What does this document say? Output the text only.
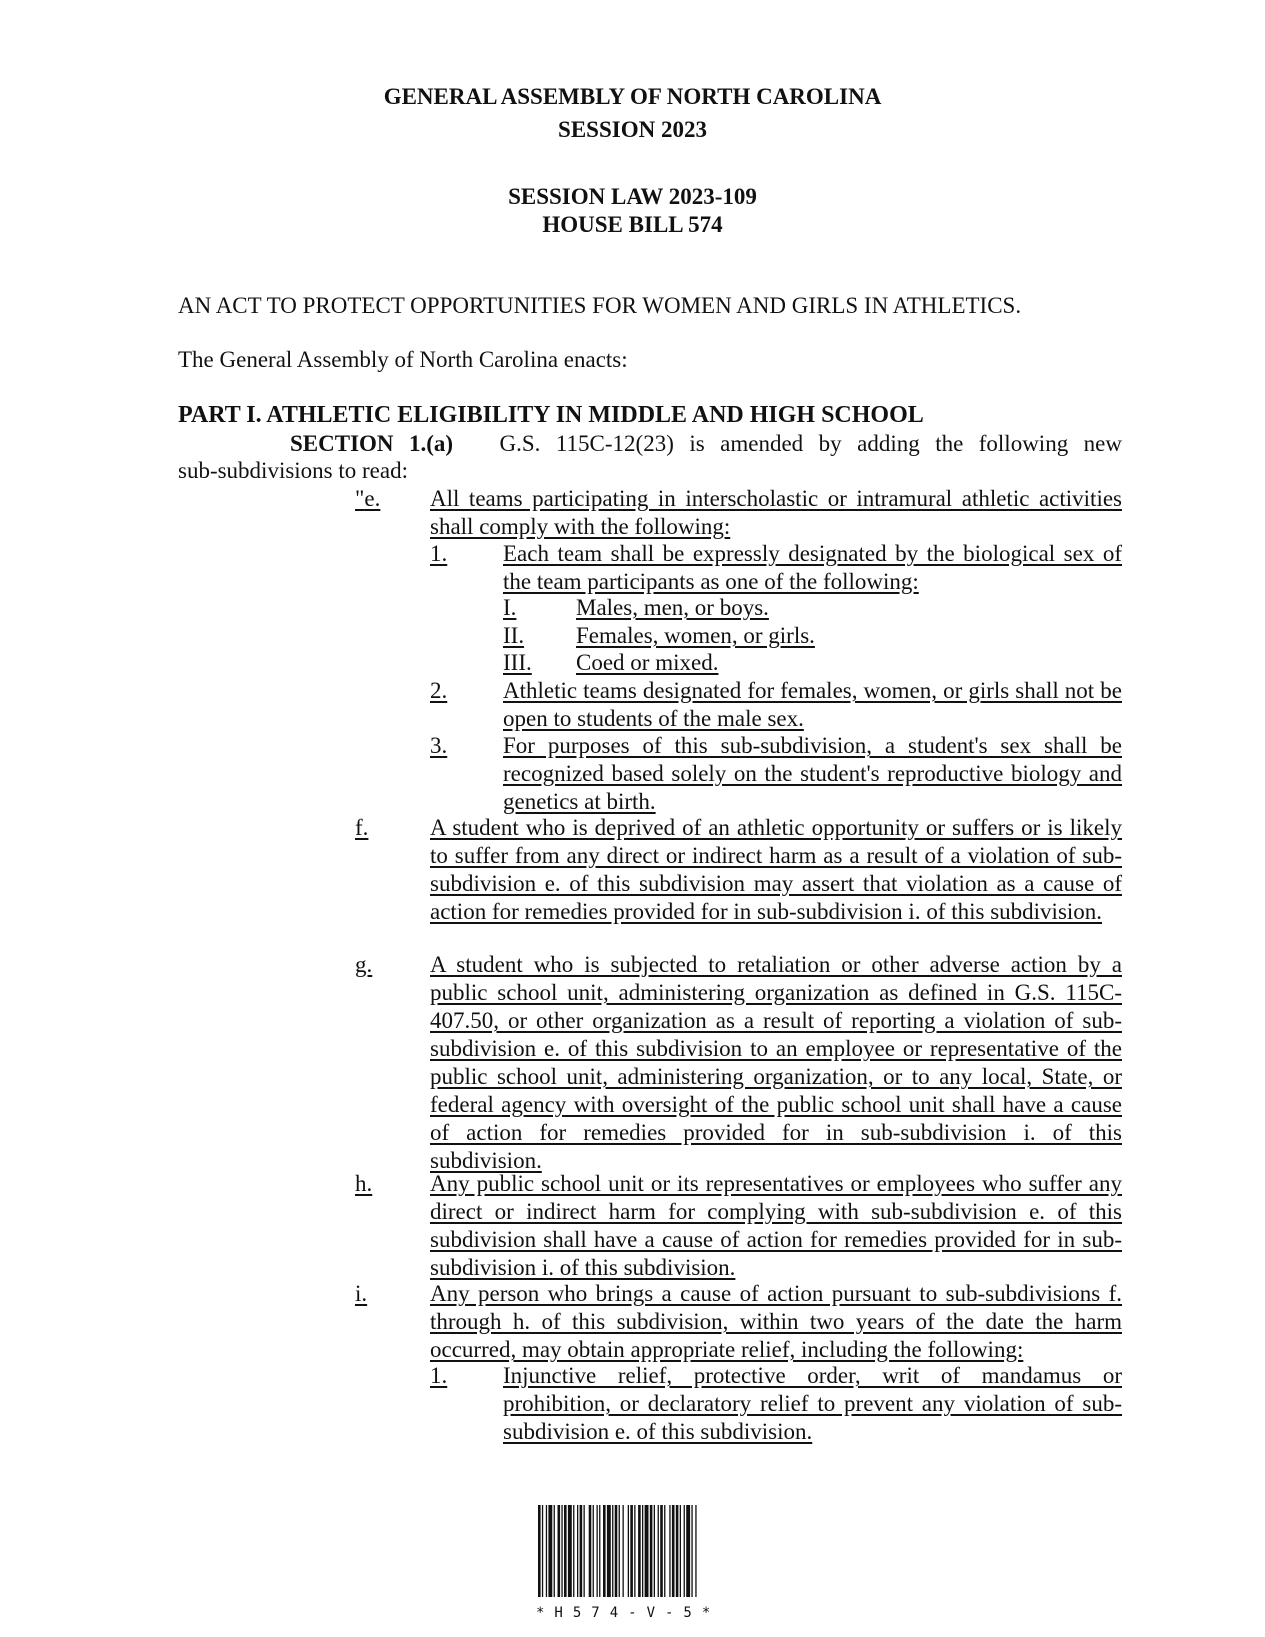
GENERAL ASSEMBLY OF NORTH CAROLINA
SESSION 2023
SESSION LAW 2023-109
HOUSE BILL 574
AN ACT TO PROTECT OPPORTUNITIES FOR WOMEN AND GIRLS IN ATHLETICS.
The General Assembly of North Carolina enacts:
PART I. ATHLETIC ELIGIBILITY IN MIDDLE AND HIGH SCHOOL
SECTION 1.(a) G.S. 115C-12(23) is amended by adding the following new
sub-subdivisions to read:
"e. All teams participating in interscholastic or intramural athletic activities shall comply with the following:
1. Each team shall be expressly designated by the biological sex of the team participants as one of the following:
I.	Males, men, or boys.
II. Females, women, or girls.
III. Coed or mixed.
2. Athletic teams designated for females, women, or girls shall not be open to students of the male sex.
3. For purposes of this sub-subdivision, a student's sex shall be recognized based solely on the student's reproductive biology and genetics at birth.
f.	A student who is deprived of an athletic opportunity or suffers or is likely to suffer from any direct or indirect harm as a result of a violation of sub-subdivision e. of this subdivision may assert that violation as a cause of action for remedies provided for in sub-subdivision i. of this subdivision.
g.	A student who is subjected to retaliation or other adverse action by a public school unit, administering organization as defined in G.S. 115C-407.50, or other organization as a result of reporting a violation of sub-subdivision e. of this subdivision to an employee or representative of the public school unit, administering organization, or to any local, State, or federal agency with oversight of the public school unit shall have a cause of action for remedies provided for in sub-subdivision i. of this subdivision.
h.	Any public school unit or its representatives or employees who suffer any direct or indirect harm for complying with sub-subdivision e. of this subdivision shall have a cause of action for remedies provided for in sub-subdivision i. of this subdivision.
i.	Any person who brings a cause of action pursuant to sub-subdivisions f. through h. of this subdivision, within two years of the date the harm occurred, may obtain appropriate relief, including the following:
1. Injunctive relief, protective order, writ of mandamus or prohibition, or declaratory relief to prevent any violation of sub-subdivision e. of this subdivision.
*H574-V-5*
